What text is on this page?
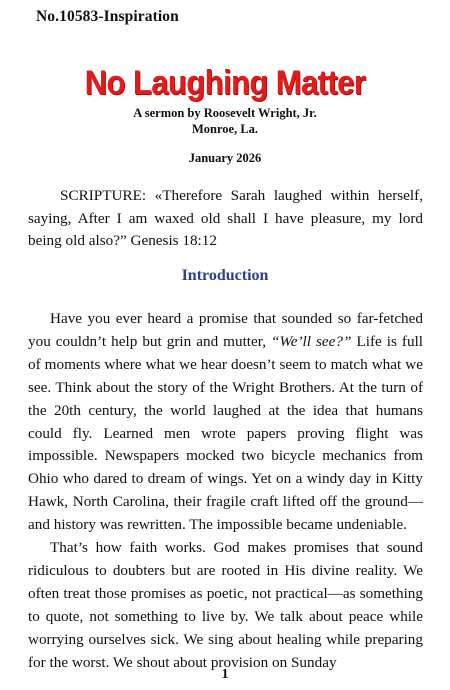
No.10583-Inspiration
No Laughing Matter
A sermon by Roosevelt Wright, Jr.
Monroe, La.
January 2026

SCRIPTURE: «Therefore Sarah laughed within herself, saying, After I am waxed old shall I have pleasure, my lord being old also?” Genesis 18:12

Introduction

Have you ever heard a promise that sounded so far-fetched you couldn’t help but grin and mutter, “We’ll see?” Life is full of moments where what we hear doesn’t seem to match what we see. Think about the story of the Wright Brothers. At the turn of the 20th century, the world laughed at the idea that humans could fly. Learned men wrote papers proving flight was impossible. Newspapers mocked two bicycle mechanics from Ohio who dared to dream of wings. Yet on a windy day in Kitty Hawk, North Carolina, their fragile craft lifted off the ground—and history was rewritten. The impossible became undeniable.

That’s how faith works. God makes promises that sound ridiculous to doubters but are rooted in His divine reality. We often treat those promises as poetic, not practical—as something to quote, not something to live by. We talk about peace while worrying ourselves sick. We sing about healing while preparing for the worst. We shout about provision on Sunday

1
